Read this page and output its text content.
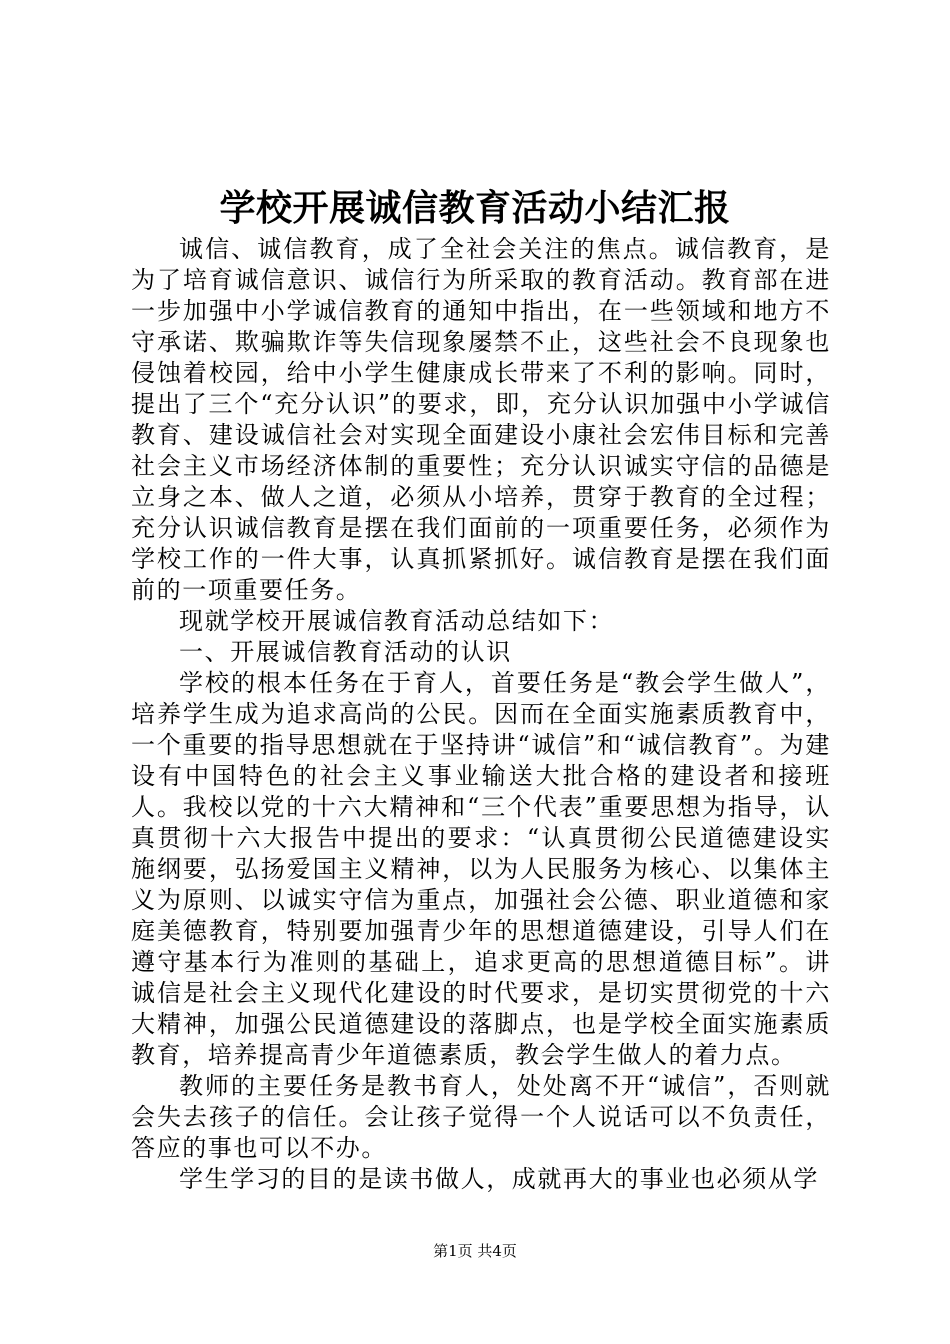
学校开展诚信教育活动小结汇报

诚信、诚信教育，成了全社会关注的焦点。诚信教育，是为了培育诚信意识、诚信行为所采取的教育活动。教育部在进一步加强中小学诚信教育的通知中指出，在一些领域和地方不守承诺、欺骗欺诈等失信现象屡禁不止，这些社会不良现象也侵蚀着校园，给中小学生健康成长带来了不利的影响。同时，提出了三个“充分认识”的要求，即，充分认识加强中小学诚信教育、建设诚信社会对实现全面建设小康社会宏伟目标和完善社会主义市场经济体制的重要性；充分认识诚实守信的品德是立身之本、做人之道，必须从小培养，贯穿于教育的全过程；充分认识诚信教育是摆在我们面前的一项重要任务，必须作为学校工作的一件大事，认真抓紧抓好。诚信教育是摆在我们面前的一项重要任务。

现就学校开展诚信教育活动总结如下：

一、开展诚信教育活动的认识

学校的根本任务在于育人，首要任务是“教会学生做人”，培养学生成为追求高尚的公民。因而在全面实施素质教育中，一个重要的指导思想就在于坚持讲“诚信”和“诚信教育”。为建设有中国特色的社会主义事业输送大批合格的建设者和接班人。我校以党的十六大精神和“三个代表”重要思想为指导，认真贯彻十六大报告中提出的要求：“认真贯彻公民道德建设实施纲要，弘扬爱国主义精神，以为人民服务为核心、以集体主义为原则、以诚实守信为重点，加强社会公德、职业道德和家庭美德教育，特别要加强青少年的思想道德建设，引导人们在遵守基本行为准则的基础上，追求更高的思想道德目标”。讲诚信是社会主义现代化建设的时代要求，是切实贯彻党的十六大精神，加强公民道德建设的落脚点，也是学校全面实施素质教育，培养提高青少年道德素质，教会学生做人的着力点。

教师的主要任务是教书育人，处处离不开“诚信”，否则就会失去孩子的信任。会让孩子觉得一个人说话可以不负责任，答应的事也可以不办。

学生学习的目的是读书做人，成就再大的事业也必须从学

第1页 共4页
